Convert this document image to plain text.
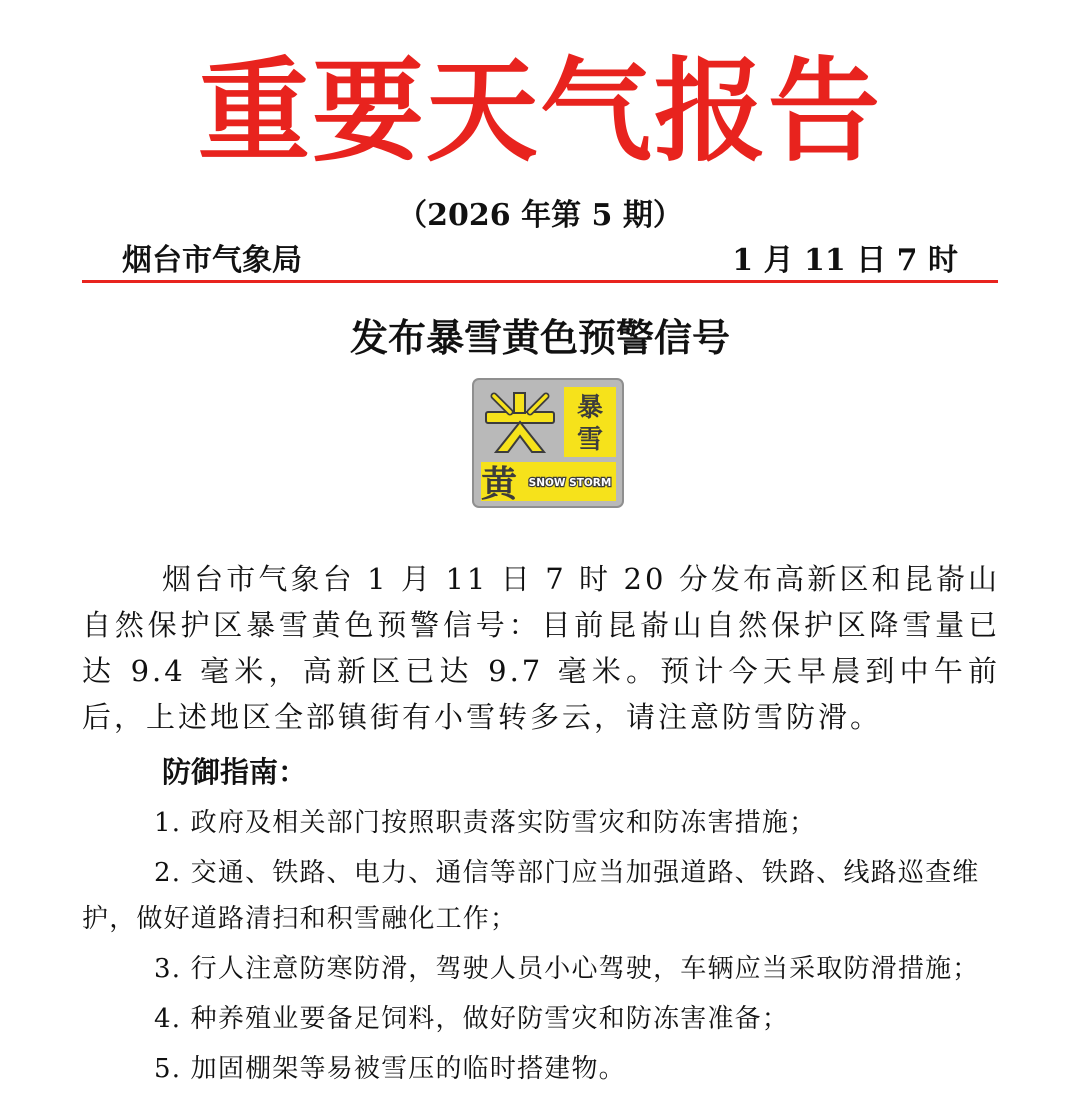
重要天气报告
（2026 年第 5 期）
烟台市气象局	1 月 11 日 7 时
发布暴雪黄色预警信号
暴
雪
黄 SNOW STORM

烟台市气象台 1 月 11 日 7 时 20 分发布高新区和昆嵛山自然保护区暴雪黄色预警信号：目前昆嵛山自然保护区降雪量已达 9.4 毫米，高新区已达 9.7 毫米。预计今天早晨到中午前后，上述地区全部镇街有小雪转多云，请注意防雪防滑。

防御指南：
1. 政府及相关部门按照职责落实防雪灾和防冻害措施；
2. 交通、铁路、电力、通信等部门应当加强道路、铁路、线路巡查维护，做好道路清扫和积雪融化工作；
3. 行人注意防寒防滑，驾驶人员小心驾驶，车辆应当采取防滑措施；
4. 种养殖业要备足饲料，做好防雪灾和防冻害准备；
5. 加固棚架等易被雪压的临时搭建物。
